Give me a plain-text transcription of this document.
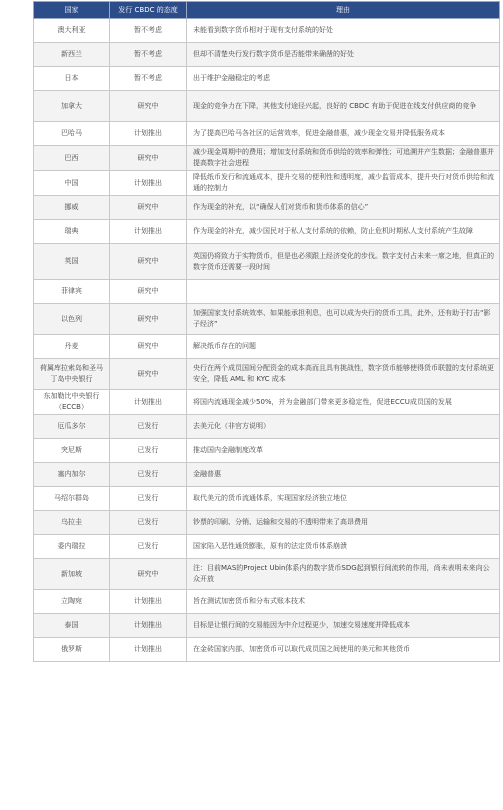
国家	发行 CBDC 的态度	理由
澳大利亚	暂不考虑	未能看到数字货币相对于现有支付系统的好处
新西兰	暂不考虑	但却不清楚央行发行数字货币是否能带来确凿的好处
日本	暂不考虑	出于维护金融稳定的考虑
加拿大	研究中	现金的竞争力在下降，其他支付途径兴起，良好的 CBDC 有助于促进在线支付供应商的竞争
巴哈马	计划推出	为了提高巴哈马各社区的运营效率，促进金融普惠，减少现金交易并降低服务成本
巴西	研究中	减少现金周期中的费用；增加支付系统和货币供给的效率和弹性；可追溯并产生数据；金融普惠并提高数字社会进程
中国	计划推出	降低纸币发行和流通成本，提升交易的便利性和透明度，减少监管成本，提升央行对货币供给和流通的控制力
挪威	研究中	作为现金的补充，以“确保人们对货币和货币体系的信心”
瑞典	计划推出	作为现金的补充，减少国民对于私人支付系统的依赖，防止危机时期私人支付系统产生故障
英国	研究中	英国仍将致力于实物货币，但是也必须跟上经济变化的步伐。数字支付占未来一席之地，但真正的数字货币还需要一段时间
菲律宾	研究中	
以色列	研究中	加强国家支付系统效率、如果能承担利息，也可以成为央行的货币工具，此外，还有助于打击“影子经济”
丹麦	研究中	解决纸币存在的问题
荷属库拉索岛和圣马丁岛中央银行	研究中	央行在两个成员国间分配资金的成本高而且具有挑战性，数字货币能够使得货币联盟的支付系统更安全，降低 AML 和 KYC 成本
东加勒比中央银行（ECCB）	计划推出	将国内流通现金减少50%，并为金融部门带来更多稳定性，促进ECCU成员国的发展
厄瓜多尔	已发行	去美元化（非官方说明）
突尼斯	已发行	推动国内金融制度改革
塞内加尔	已发行	金融普惠
马绍尔群岛	已发行	取代美元的货币流通体系，实现国家经济独立地位
乌拉圭	已发行	钞票的印刷、分销、运输和交易的不透明带来了高昂费用
委内瑞拉	已发行	国家陷入恶性通货膨胀，原有的法定货币体系崩溃
新加坡	研究中	注：目前MAS的Project Ubin体系内的数字货币SDG起到银行间流转的作用，尚未表明未来向公众开放
立陶宛	计划推出	旨在测试加密货币和分布式账本技术
泰国	计划推出	目标是让银行间的交易能因为中介过程更少，加速交易速度并降低成本
俄罗斯	计划推出	在金砖国家内部，加密货币可以取代成员国之间使用的美元和其他货币
